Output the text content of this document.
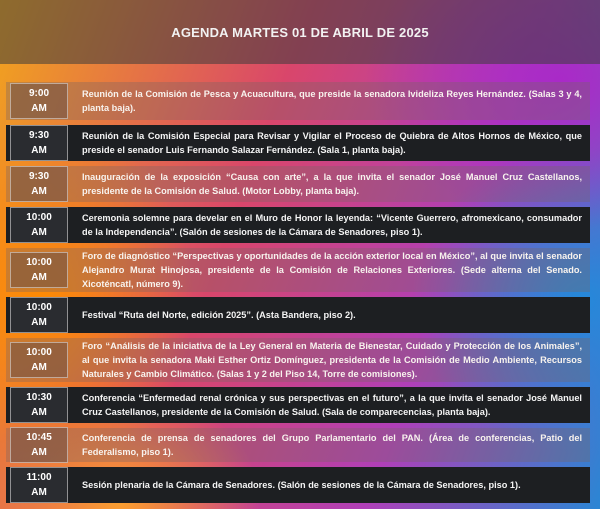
AGENDA MARTES 01 DE ABRIL DE 2025
9:00
AM
Reunión de la Comisión de Pesca y Acuacultura, que preside la senadora Ivideliza Reyes Hernández. (Salas 3 y 4, planta baja).
9:30
AM
Reunión de la Comisión Especial para Revisar y Vigilar el Proceso de Quiebra de Altos Hornos de México, que preside el senador Luis Fernando Salazar Fernández. (Sala 1, planta baja).
9:30
AM
Inauguración de la exposición “Causa con arte”, a la que invita el senador José Manuel Cruz Castellanos, presidente de la Comisión de Salud. (Motor Lobby, planta baja).
10:00
AM
Ceremonia solemne para develar en el Muro de Honor la leyenda: “Vicente Guerrero, afromexicano, consumador de la Independencia”. (Salón de sesiones de la Cámara de Senadores, piso 1).
10:00
AM
Foro de diagnóstico “Perspectivas y oportunidades de la acción exterior local en México”, al que invita el senador Alejandro Murat Hinojosa, presidente de la Comisión de Relaciones Exteriores. (Sede alterna del Senado. Xicoténcatl, número 9).
10:00
AM
Festival “Ruta del Norte, edición 2025”. (Asta Bandera, piso 2).
10:00
AM
Foro “Análisis de la iniciativa de la Ley General en Materia de Bienestar, Cuidado y Protección de los Animales”, al que invita la senadora Maki Esther Ortiz Domínguez, presidenta de la Comisión de Medio Ambiente, Recursos Naturales y Cambio Climático. (Salas 1 y 2 del Piso 14, Torre de comisiones).
10:30
AM
Conferencia “Enfermedad renal crónica y sus perspectivas en el futuro”, a la que invita el senador José Manuel Cruz Castellanos, presidente de la Comisión de Salud. (Sala de comparecencias, planta baja).
10:45
AM
Conferencia de prensa de senadores del Grupo Parlamentario del PAN. (Área de conferencias, Patio del Federalismo, piso 1).
11:00
AM
Sesión plenaria de la Cámara de Senadores. (Salón de sesiones de la Cámara de Senadores, piso 1).
